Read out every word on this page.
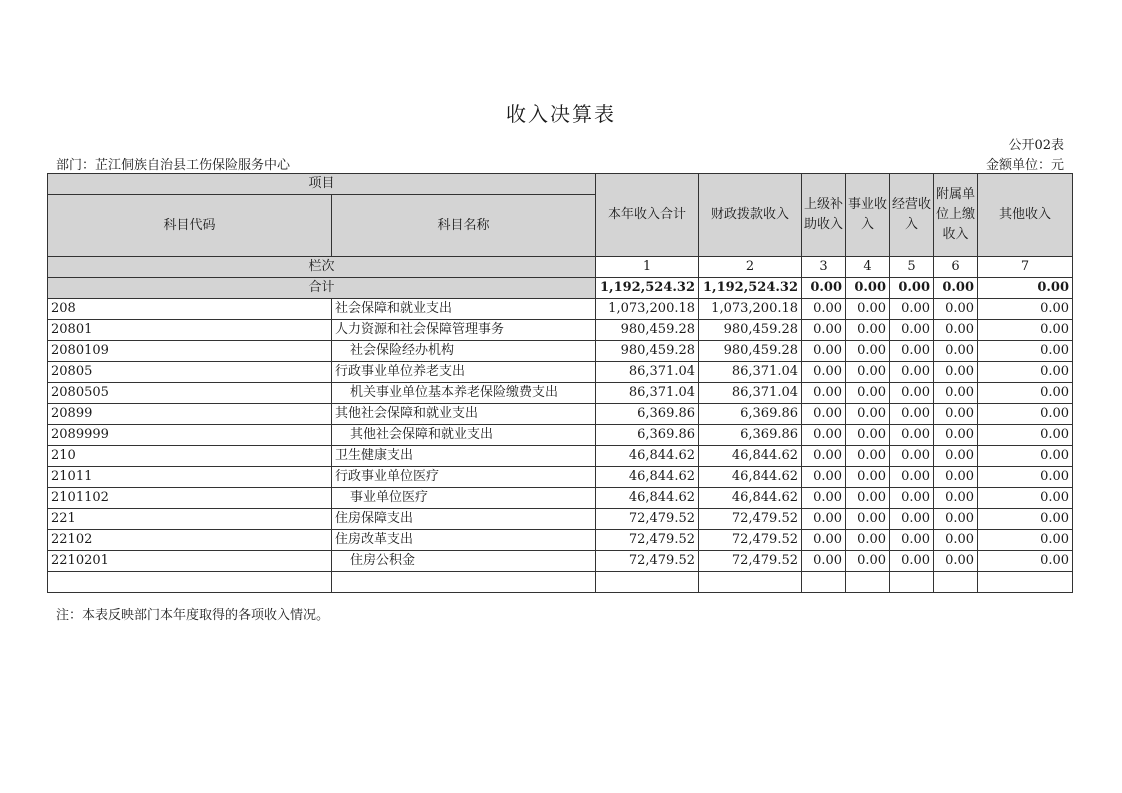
收入决算表
公开02表
部门：芷江侗族自治县工伤保险服务中心	金额单位：元
项目		本年收入合计	财政拨款收入	上级补助收入	事业收入	经营收入	附属单位上缴收入	其他收入
科目代码	科目名称							
栏次		1	2	3	4	5	6	7
合计		1,192,524.32	1,192,524.32	0.00	0.00	0.00	0.00	0.00
208	社会保障和就业支出	1,073,200.18	1,073,200.18	0.00	0.00	0.00	0.00	0.00
20801	人力资源和社会保障管理事务	980,459.28	980,459.28	0.00	0.00	0.00	0.00	0.00
2080109	社会保险经办机构	980,459.28	980,459.28	0.00	0.00	0.00	0.00	0.00
20805	行政事业单位养老支出	86,371.04	86,371.04	0.00	0.00	0.00	0.00	0.00
2080505	机关事业单位基本养老保险缴费支出	86,371.04	86,371.04	0.00	0.00	0.00	0.00	0.00
20899	其他社会保障和就业支出	6,369.86	6,369.86	0.00	0.00	0.00	0.00	0.00
2089999	其他社会保障和就业支出	6,369.86	6,369.86	0.00	0.00	0.00	0.00	0.00
210	卫生健康支出	46,844.62	46,844.62	0.00	0.00	0.00	0.00	0.00
21011	行政事业单位医疗	46,844.62	46,844.62	0.00	0.00	0.00	0.00	0.00
2101102	事业单位医疗	46,844.62	46,844.62	0.00	0.00	0.00	0.00	0.00
221	住房保障支出	72,479.52	72,479.52	0.00	0.00	0.00	0.00	0.00
22102	住房改革支出	72,479.52	72,479.52	0.00	0.00	0.00	0.00	0.00
2210201	住房公积金	72,479.52	72,479.52	0.00	0.00	0.00	0.00	0.00

注：本表反映部门本年度取得的各项收入情况。
